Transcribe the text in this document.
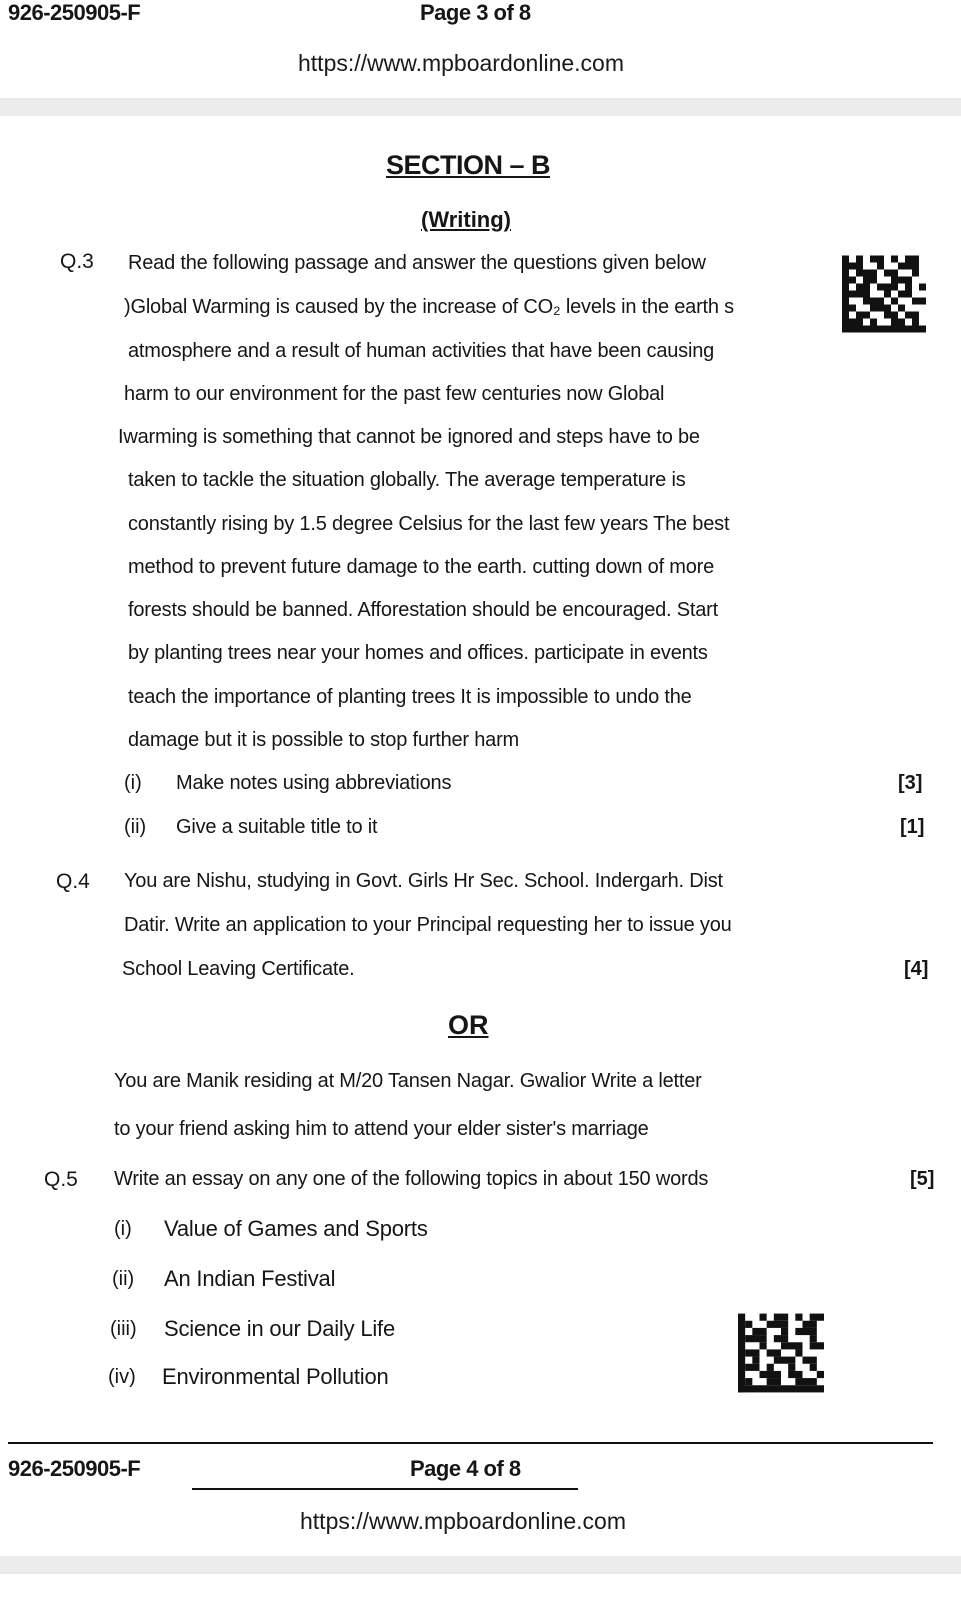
926-250905-F	Page 3 of 8
https://www.mpboardonline.com
SECTION – B
(Writing)
Q.3 Read the following passage and answer the questions given below
)Global Warming is caused by the increase of CO₂ levels in the earth s
atmosphere and a result of human activities that have been causing
harm to our environment for the past few centuries now Global
Iwarming is something that cannot be ignored and steps have to be
taken to tackle the situation globally. The average temperature is
constantly rising by 1.5 degree Celsius for the last few years The best
method to prevent future damage to the earth. cutting down of more
forests should be banned. Afforestation should be encouraged. Start
by planting trees near your homes and offices. participate in events
teach the importance of planting trees It is impossible to undo the
damage but it is possible to stop further harm
(i) Make notes using abbreviations	[3]
(ii) Give a suitable title to it	[1]
Q.4 You are Nishu, studying in Govt. Girls Hr Sec. School. Indergarh. Dist
Datir. Write an application to your Principal requesting her to issue you
School Leaving Certificate.	[4]
OR
You are Manik residing at M/20 Tansen Nagar. Gwalior Write a letter
to your friend asking him to attend your elder sister's marriage
Q.5 Write an essay on any one of the following topics in about 150 words	[5]
(i) Value of Games and Sports
(ii) An Indian Festival
(iii) Science in our Daily Life
(iv) Environmental Pollution
926-250905-F	Page 4 of 8
https://www.mpboardonline.com
